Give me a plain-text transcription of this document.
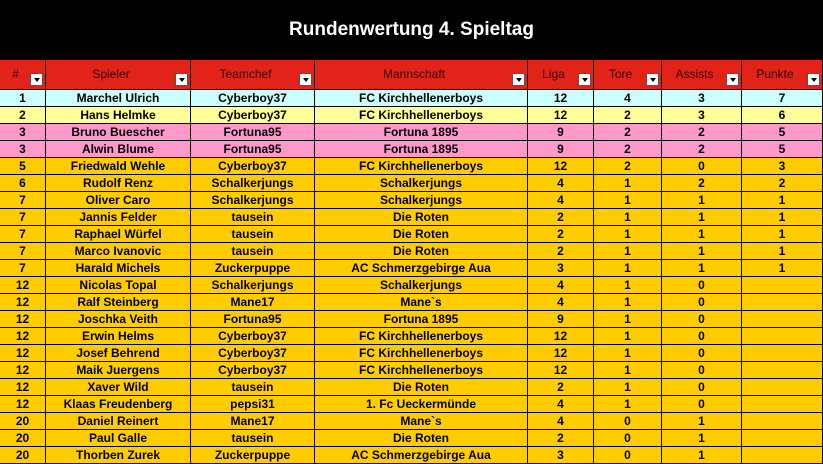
Rundenwertung 4. Spieltag
#	Spieler	Teamchef	Mannschaft	Liga	Tore	Assists	Punkte
1	Marchel Ulrich	Cyberboy37	FC Kirchhellenerboys	12	4	3	7
2	Hans Helmke	Cyberboy37	FC Kirchhellenerboys	12	2	3	6
3	Bruno Buescher	Fortuna95	Fortuna 1895	9	2	2	5
3	Alwin Blume	Fortuna95	Fortuna 1895	9	2	2	5
5	Friedwald Wehle	Cyberboy37	FC Kirchhellenerboys	12	2	0	3
6	Rudolf Renz	Schalkerjungs	Schalkerjungs	4	1	2	2
7	Oliver Caro	Schalkerjungs	Schalkerjungs	4	1	1	1
7	Jannis Felder	tausein	Die Roten	2	1	1	1
7	Raphael Würfel	tausein	Die Roten	2	1	1	1
7	Marco Ivanovic	tausein	Die Roten	2	1	1	1
7	Harald Michels	Zuckerpuppe	AC Schmerzgebirge Aua	3	1	1	1
12	Nicolas Topal	Schalkerjungs	Schalkerjungs	4	1	0
12	Ralf Steinberg	Mane17	Mane`s	4	1	0
12	Joschka Veith	Fortuna95	Fortuna 1895	9	1	0
12	Erwin Helms	Cyberboy37	FC Kirchhellenerboys	12	1	0
12	Josef Behrend	Cyberboy37	FC Kirchhellenerboys	12	1	0
12	Maik Juergens	Cyberboy37	FC Kirchhellenerboys	12	1	0
12	Xaver Wild	tausein	Die Roten	2	1	0
12	Klaas Freudenberg	pepsi31	1. Fc Ueckermünde	4	1	0
20	Daniel Reinert	Mane17	Mane`s	4	0	1
20	Paul Galle	tausein	Die Roten	2	0	1
20	Thorben Zurek	Zuckerpuppe	AC Schmerzgebirge Aua	3	0	1
